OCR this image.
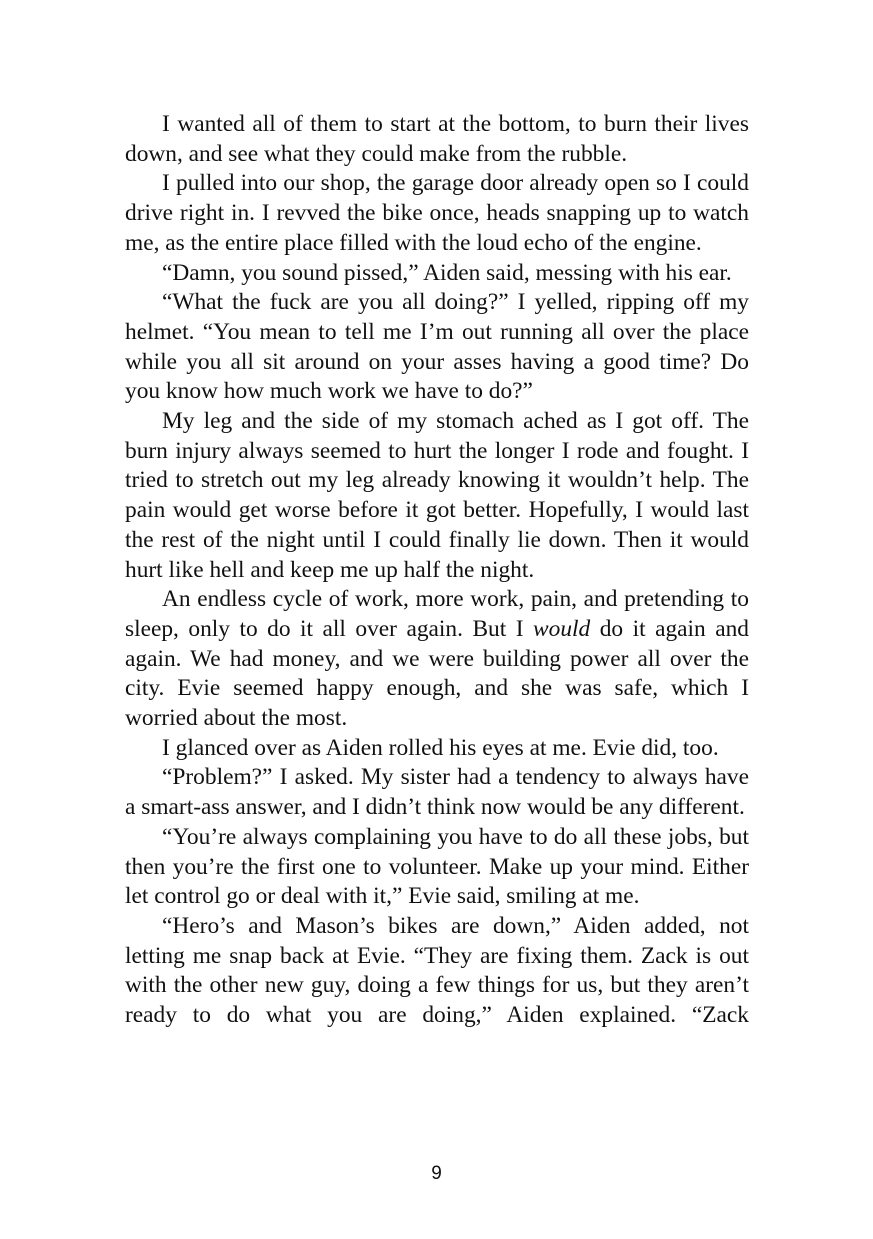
I wanted all of them to start at the bottom, to burn their lives down, and see what they could make from the rubble.

I pulled into our shop, the garage door already open so I could drive right in. I revved the bike once, heads snapping up to watch me, as the entire place filled with the loud echo of the engine.

“Damn, you sound pissed,” Aiden said, messing with his ear.

“What the fuck are you all doing?” I yelled, ripping off my helmet. “You mean to tell me I’m out running all over the place while you all sit around on your asses having a good time? Do you know how much work we have to do?”

My leg and the side of my stomach ached as I got off. The burn injury always seemed to hurt the longer I rode and fought. I tried to stretch out my leg already knowing it wouldn’t help. The pain would get worse before it got better. Hopefully, I would last the rest of the night until I could finally lie down. Then it would hurt like hell and keep me up half the night.

An endless cycle of work, more work, pain, and pretending to sleep, only to do it all over again. But I would do it again and again. We had money, and we were building power all over the city. Evie seemed happy enough, and she was safe, which I worried about the most.

I glanced over as Aiden rolled his eyes at me. Evie did, too.

“Problem?” I asked. My sister had a tendency to always have a smart-ass answer, and I didn’t think now would be any different.

“You’re always complaining you have to do all these jobs, but then you’re the first one to volunteer. Make up your mind. Either let control go or deal with it,” Evie said, smiling at me.

“Hero’s and Mason’s bikes are down,” Aiden added, not letting me snap back at Evie. “They are fixing them. Zack is out with the other new guy, doing a few things for us, but they aren’t ready to do what you are doing,” Aiden explained. “Zack

9
